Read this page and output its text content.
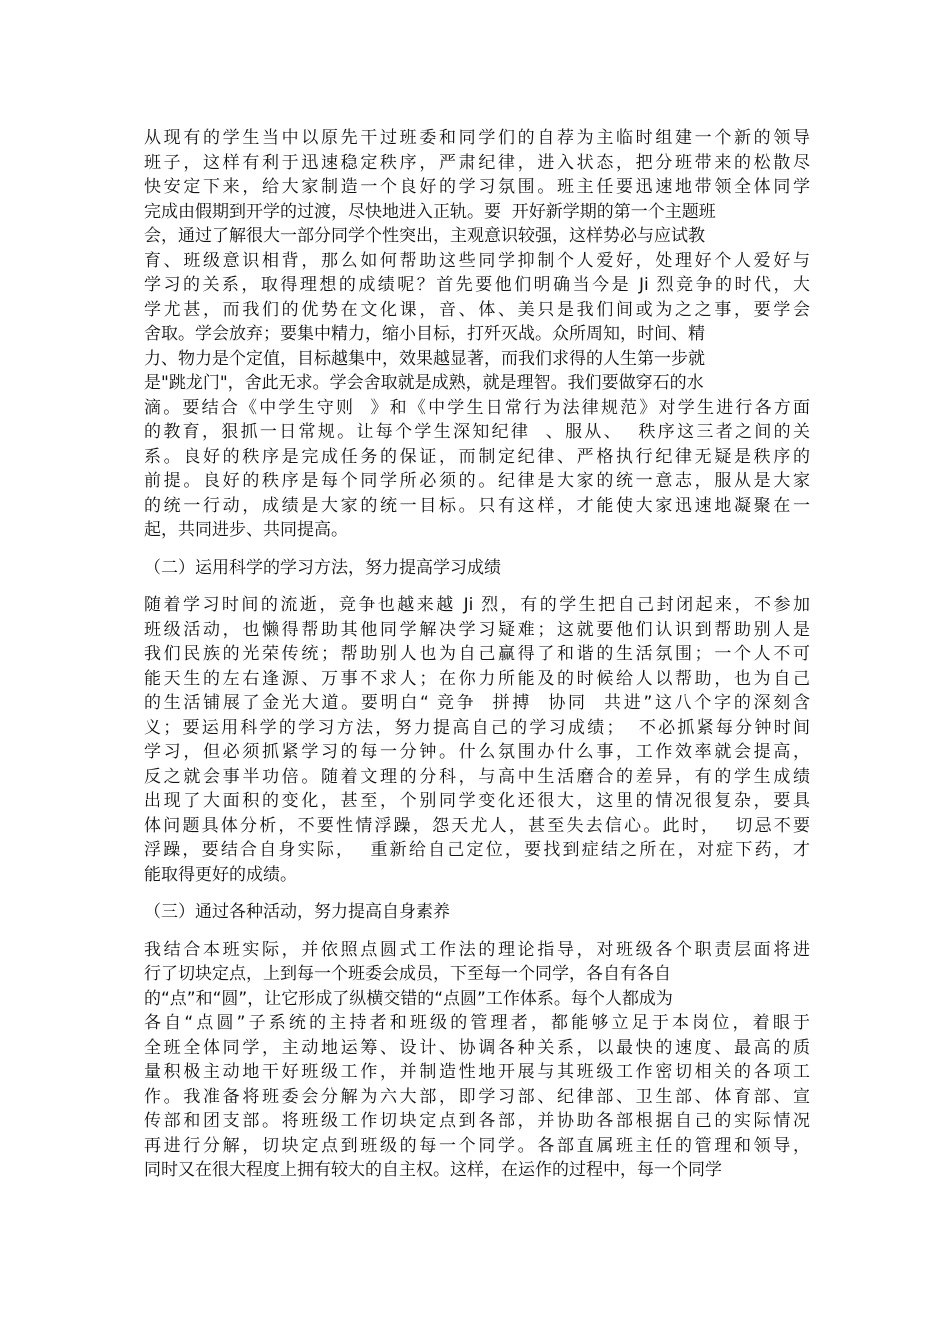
从现有的学生当中以原先干过班委和同学们的自荐为主临时组建一个新的领导
班子，这样有利于迅速稳定秩序，严肃纪律，进入状态，把分班带来的松散尽
快安定下来，给大家制造一个良好的学习氛围。班主任要迅速地带领全体同学
完成由假期到开学的过渡，尽快地进入正轨。要  开好新学期的第一个主题班
会，通过了解很大一部分同学个性突出，主观意识较强，这样势必与应试教
育、班级意识相背，那么如何帮助这些同学抑制个人爱好，处理好个人爱好与
学习的关系，取得理想的成绩呢？首先要他们明确当今是 Ji 烈竞争的时代，大
学尤甚，而我们的优势在文化课，音、体、美只是我们间或为之之事，要学会
舍取。学会放弃；要集中精力，缩小目标，打歼灭战。众所周知，时间、精
力、物力是个定值，目标越集中，效果越显著，而我们求得的人生第一步就
是"跳龙门"，舍此无求。学会舍取就是成熟，就是理智。我们要做穿石的水
滴。要结合《中学生守则  》和《中学生日常行为法律规范》对学生进行各方面
的教育，狠抓一日常规。让每个学生深知纪律  、服从、  秩序这三者之间的关
系。良好的秩序是完成任务的保证，而制定纪律、严格执行纪律无疑是秩序的
前提。良好的秩序是每个同学所必须的。纪律是大家的统一意志，服从是大家
的统一行动，成绩是大家的统一目标。只有这样，才能使大家迅速地凝聚在一
起，共同进步、共同提高。
（二）运用科学的学习方法，努力提高学习成绩
随着学习时间的流逝，竞争也越来越 Ji 烈，有的学生把自己封闭起来，不参加
班级活动，也懒得帮助其他同学解决学习疑难；这就要他们认识到帮助别人是
我们民族的光荣传统；帮助别人也为自己赢得了和谐的生活氛围；一个人不可
能天生的左右逢源、万事不求人；在你力所能及的时候给人以帮助，也为自己
的生活铺展了金光大道。要明白“ 竞争  拼搏  协同  共进”这八个字的深刻含
义；要运用科学的学习方法，努力提高自己的学习成绩；  不必抓紧每分钟时间
学习，但必须抓紧学习的每一分钟。什么氛围办什么事，工作效率就会提高，
反之就会事半功倍。随着文理的分科，与高中生活磨合的差异，有的学生成绩
出现了大面积的变化，甚至，个别同学变化还很大，这里的情况很复杂，要具
体问题具体分析，不要性情浮躁，怨天尤人，甚至失去信心。此时，  切忌不要
浮躁，要结合自身实际，  重新给自己定位，要找到症结之所在，对症下药，才
能取得更好的成绩。
（三）通过各种活动，努力提高自身素养
我结合本班实际，并依照点圆式工作法的理论指导，对班级各个职责层面将进
行了切块定点，上到每一个班委会成员，下至每一个同学，各自有各自
的“点”和“圆”，让它形成了纵横交错的“点圆”工作体系。每个人都成为
各自“点圆”子系统的主持者和班级的管理者，都能够立足于本岗位，着眼于
全班全体同学，主动地运筹、设计、协调各种关系，以最快的速度、最高的质
量积极主动地干好班级工作，并制造性地开展与其班级工作密切相关的各项工
作。我准备将班委会分解为六大部，即学习部、纪律部、卫生部、体育部、宣
传部和团支部。将班级工作切块定点到各部，并协助各部根据自己的实际情况
再进行分解，切块定点到班级的每一个同学。各部直属班主任的管理和领导，
同时又在很大程度上拥有较大的自主权。这样，在运作的过程中，每一个同学
